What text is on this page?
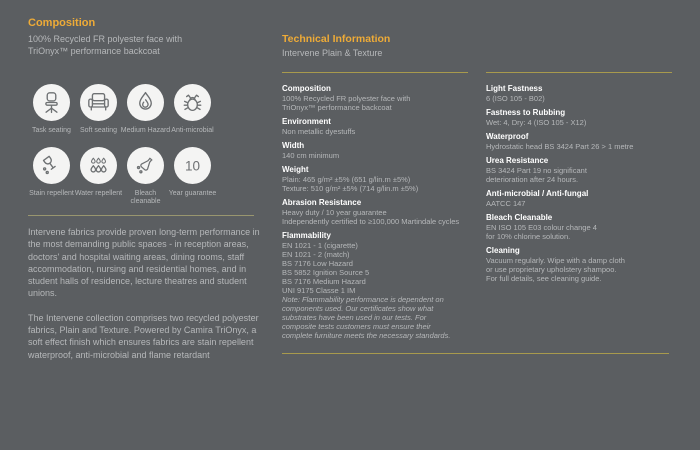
Composition

100% Recycled FR polyester face with TriOnyx™ performance backcoat

Task seating Soft seating Medium Hazard Anti-microbial
Stain repellent Water repellent	Bleach cleanable
10
Year guarantee

Intervene fabrics provide proven long-term performance in the most demanding public spaces - in reception areas, doctors' and hospital waiting areas, dining rooms, staff accommodation, nursing and residential homes, and in student halls of residence, lecture theatres and student unions.

The Intervene collection comprises two recycled polyester fabrics, Plain and Texture. Powered by Camira TriOnyx, a soft effect finish which ensures fabrics are stain repellent waterproof, anti-microbial and flame retardant

Technical Information

Intervene Plain & Texture

Composition
100% Recycled FR polyester face with
TriOnyx™ performance backcoat
Environment
Non metallic dyestuffs
Width
140 cm minimum
Weight
Plain: 465 g/m² ±5% (651 g/lin.m ±5%)
Texture: 510 g/m² ±5% (714 g/lin.m ±5%)
Abrasion Resistance
Heavy duty / 10 year guarantee
Independently certified to ≥100,000 Martindale cycles
Flammability
EN 1021 - 1 (cigarette)
EN 1021 - 2 (match)
BS 7176 Low Hazard
BS 5852 Ignition Source 5
BS 7176 Medium Hazard
UNI 9175 Classe 1 IM
Note: Flammability performance is dependent on components used. Our certificates show what substrates have been used in our tests. For composite tests customers must ensure their complete furniture meets the necessary standards.
Light Fastness
6 (ISO 105 - B02)
Fastness to Rubbing
Wet: 4, Dry: 4 (ISO 105 - X12)
Waterproof
Hydrostatic head BS 3424 Part 26 > 1 metre
Urea Resistance
BS 3424 Part 19 no significant
deterioration after 24 hours.
Anti-microbial / Anti-fungal
AATCC 147
Bleach Cleanable
EN ISO 105 E03 colour change 4
for 10% chlorine solution.
Cleaning
Vacuum regularly. Wipe with a damp cloth
or use proprietary upholstery shampoo.
For full details, see cleaning guide.
